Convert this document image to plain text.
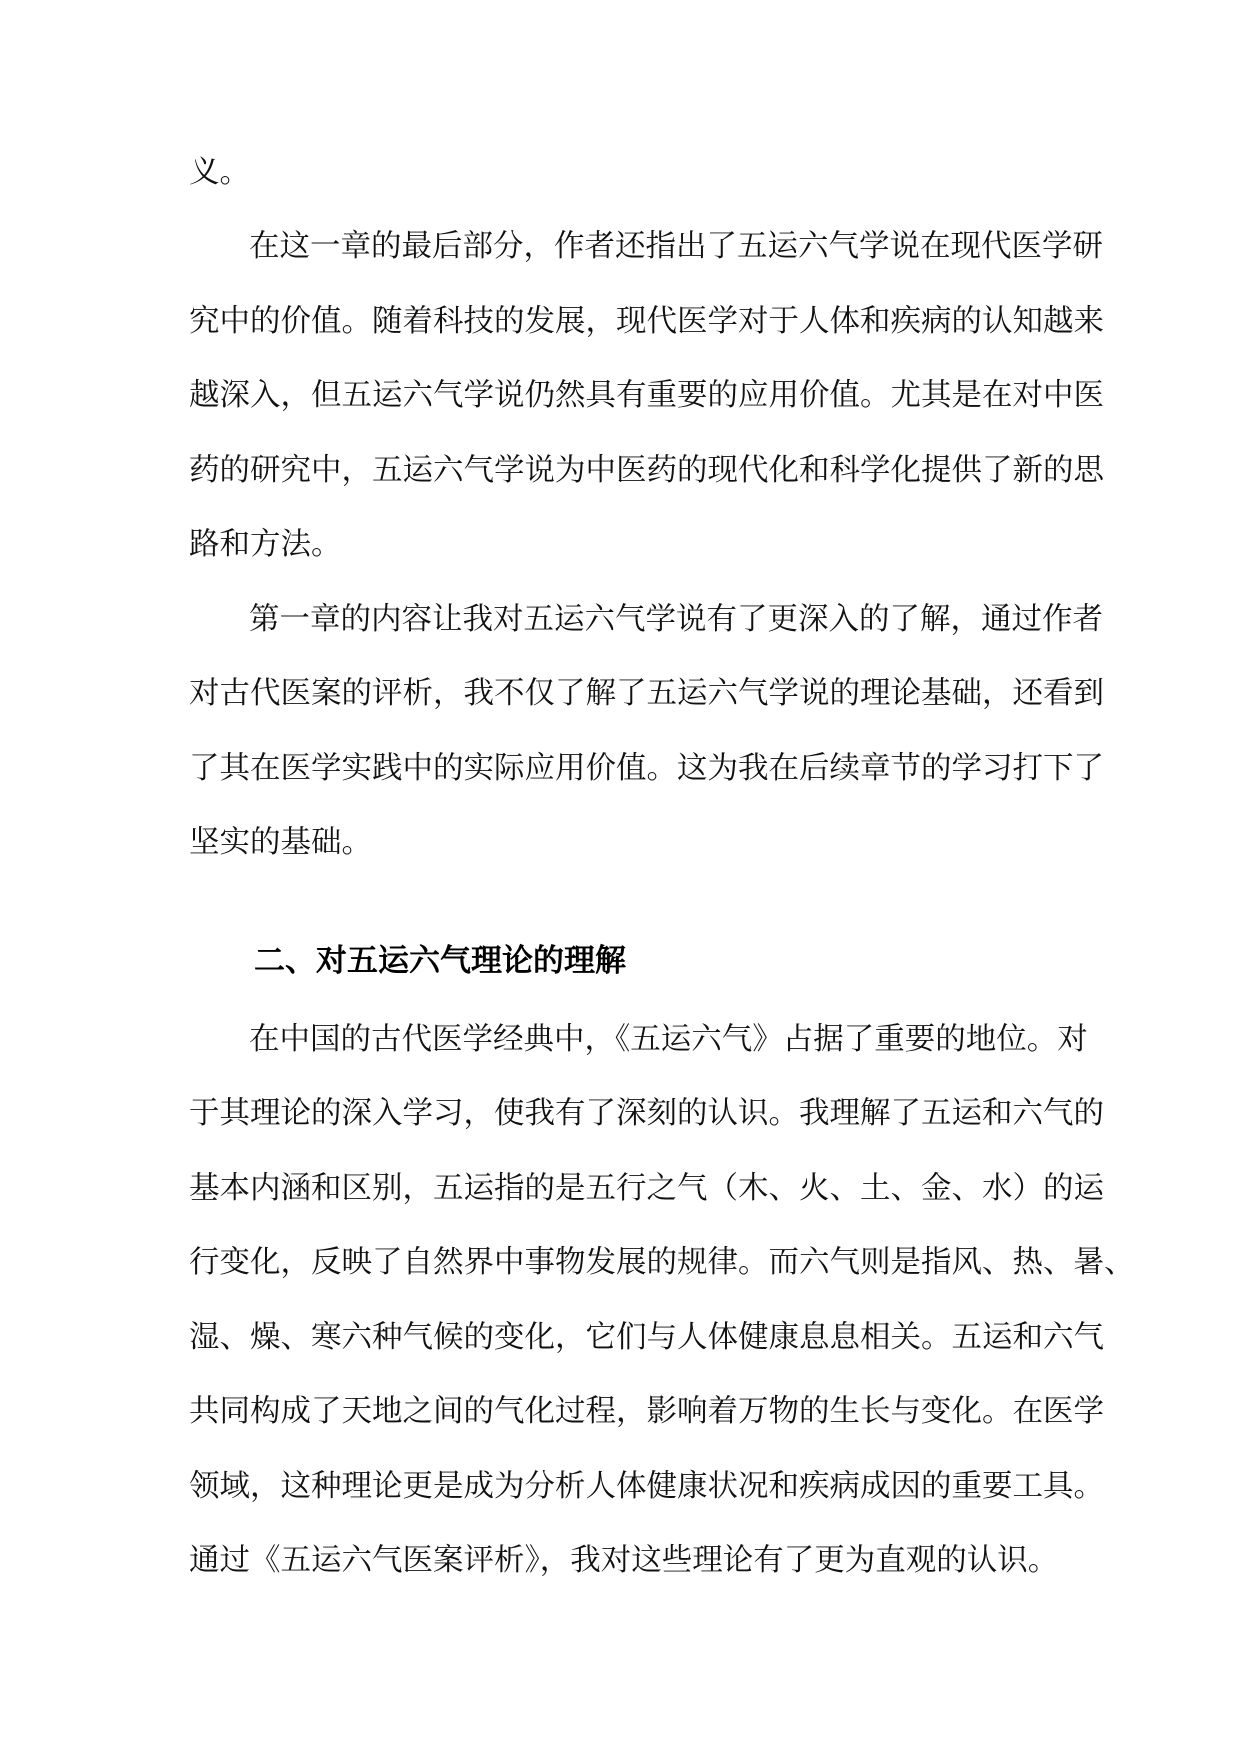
义。
在这一章的最后部分，作者还指出了五运六气学说在现代医学研
究中的价值。随着科技的发展，现代医学对于人体和疾病的认知越来
越深入，但五运六气学说仍然具有重要的应用价值。尤其是在对中医
药的研究中，五运六气学说为中医药的现代化和科学化提供了新的思
路和方法。
第一章的内容让我对五运六气学说有了更深入的了解，通过作者
对古代医案的评析，我不仅了解了五运六气学说的理论基础，还看到
了其在医学实践中的实际应用价值。这为我在后续章节的学习打下了
坚实的基础。
二、对五运六气理论的理解
在中国的古代医学经典中，《五运六气》占据了重要的地位。对
于其理论的深入学习，使我有了深刻的认识。我理解了五运和六气的
基本内涵和区别，五运指的是五行之气（木、火、土、金、水）的运
行变化，反映了自然界中事物发展的规律。而六气则是指风、热、暑、
湿、燥、寒六种气候的变化，它们与人体健康息息相关。五运和六气
共同构成了天地之间的气化过程，影响着万物的生长与变化。在医学
领域，这种理论更是成为分析人体健康状况和疾病成因的重要工具。
通过《五运六气医案评析》，我对这些理论有了更为直观的认识。
